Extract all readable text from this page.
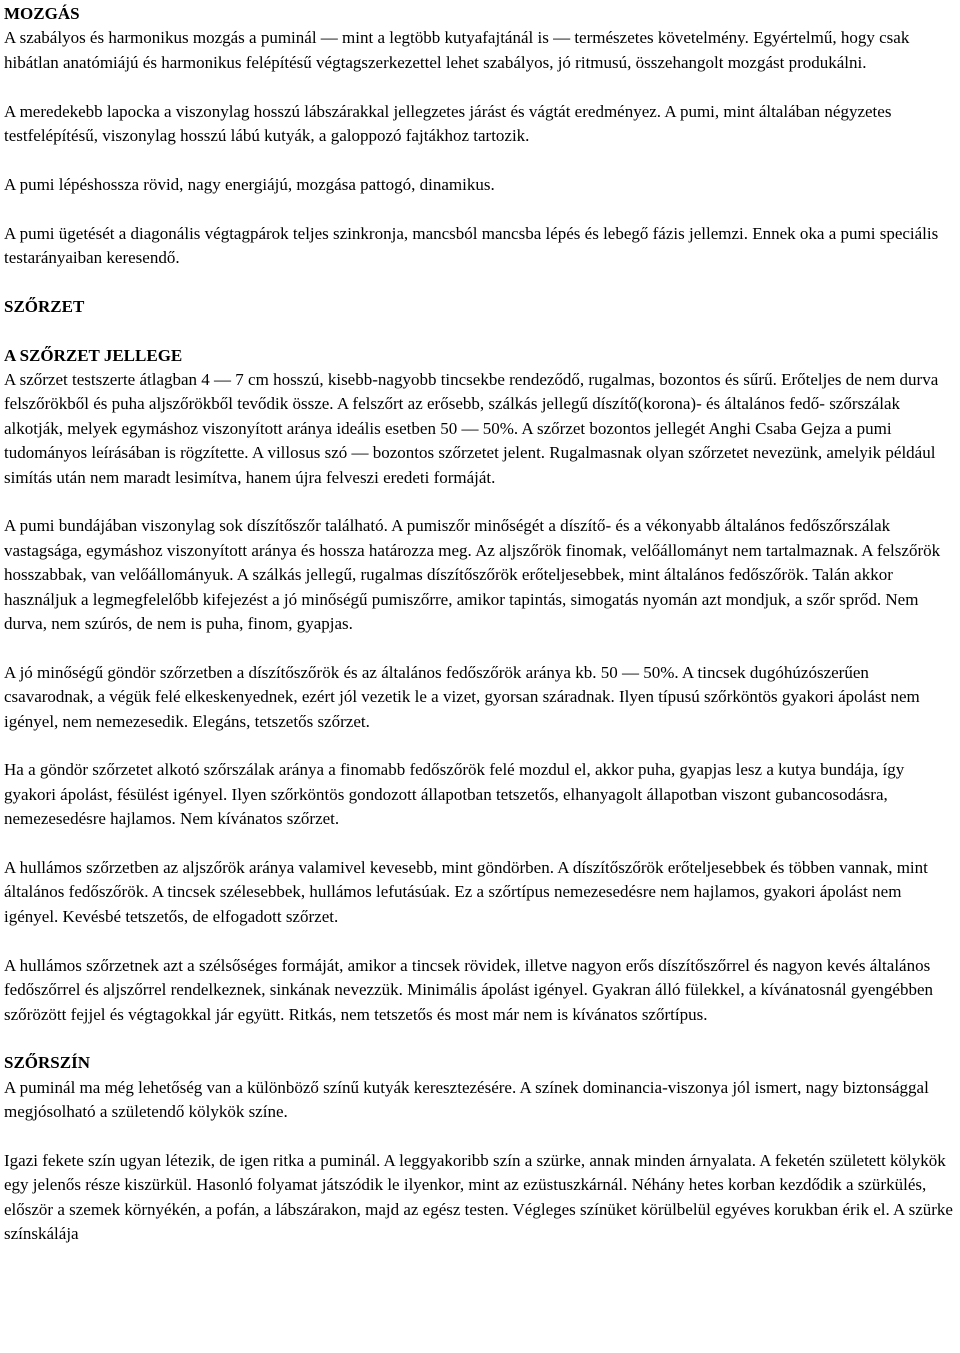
MOZGÁS

A szabályos és harmonikus mozgás a puminál — mint a legtöbb kutyafajtánál is — természetes követelmény. Egyértelmű, hogy csak hibátlan anatómiájú és harmonikus felépítésű végtagszerkezettel lehet szabályos, jó ritmusú, összehangolt mozgást produkálni.

A meredekebb lapocka a viszonylag hosszú lábszárakkal jellegzetes járást és vágtát eredményez. A pumi, mint általában négyzetes testfelépítésű, viszonylag hosszú lábú kutyák, a galoppozó fajtákhoz tartozik.

A pumi lépéshossza rövid, nagy energiájú, mozgása pattogó, dinamikus.

A pumi ügetését a diagonális végtagpárok teljes szinkronja, mancsból mancsba lépés és lebegő fázis jellemzi. Ennek oka a pumi speciális testarányaiban keresendő.

SZŐRZET
A SZŐRZET JELLEGE

A szőrzet testszerte átlagban 4 — 7 cm hosszú, kisebb-nagyobb tincsekbe rendeződő, rugalmas, bozontos és sűrű. Erőteljes de nem durva felszőrökből és puha aljszőrökből tevődik össze. A felszőrt az erősebb, szálkás jellegű díszítő(korona)- és általános fedő- szőrszálak alkotják, melyek egymáshoz viszonyított aránya ideális esetben 50 — 50%. A szőrzet bozontos jellegét Anghi Csaba Gejza a pumi tudományos leírásában is rögzítette. A villosus szó — bozontos szőrzetet jelent. Rugalmasnak olyan szőrzetet nevezünk, amelyik például simítás után nem maradt lesimítva, hanem újra felveszi eredeti formáját.

A pumi bundájában viszonylag sok díszítőszőr található. A pumiszőr minőségét a díszítő- és a vékonyabb általános fedőszőrszálak vastagsága, egymáshoz viszonyított aránya és hossza határozza meg. Az aljszőrök finomak, velőállományt nem tartalmaznak. A felszőrök hosszabbak, van velőállományuk. A szálkás jellegű, rugalmas díszítőszőrök erőteljesebbek, mint általános fedőszőrök. Talán akkor használjuk a legmegfelelőbb kifejezést a jó minőségű pumiszőrre, amikor tapintás, simogatás nyomán azt mondjuk, a szőr sprőd. Nem durva, nem szúrós, de nem is puha, finom, gyapjas.

A jó minőségű göndör szőrzetben a díszítőszőrök és az általános fedőszőrök aránya kb. 50 — 50%. A tincsek dugóhúzószerűen csavarodnak, a végük felé elkeskenyednek, ezért jól vezetik le a vizet, gyorsan száradnak. Ilyen típusú szőrköntös gyakori ápolást nem igényel, nem nemezesedik. Elegáns, tetszetős szőrzet.

Ha a göndör szőrzetet alkotó szőrszálak aránya a finomabb fedőszőrök felé mozdul el, akkor puha, gyapjas lesz a kutya bundája, így gyakori ápolást, fésülést igényel. Ilyen szőrköntös gondozott állapotban tetszetős, elhanyagolt állapotban viszont gubancosodásra, nemezesedésre hajlamos. Nem kívánatos szőrzet.

A hullámos szőrzetben az aljszőrök aránya valamivel kevesebb, mint göndörben. A díszítőszőrök erőteljesebbek és többen vannak, mint általános fedőszőrök. A tincsek szélesebbek, hullámos lefutásúak. Ez a szőrtípus nemezesedésre nem hajlamos, gyakori ápolást nem igényel. Kevésbé tetszetős, de elfogadott szőrzet.

A hullámos szőrzetnek azt a szélsőséges formáját, amikor a tincsek rövidek, illetve nagyon erős díszítőszőrrel és nagyon kevés általános fedőszőrrel és aljszőrrel rendelkeznek, sinkának nevezzük. Minimális ápolást igényel. Gyakran álló fülekkel, a kívánatosnál gyengébben szőrözött fejjel és végtagokkal jár együtt. Ritkás, nem tetszetős és most már nem is kívánatos szőrtípus.

SZŐRSZÍN

A puminál ma még lehetőség van a különböző színű kutyák keresztezésére. A színek dominancia-viszonya jól ismert, nagy biztonsággal megjósolható a születendő kölykök színe.

Igazi fekete szín ugyan létezik, de igen ritka a puminál. A leggyakoribb szín a szürke, annak minden árnyalata. A feketén született kölykök egy jelenős része kiszürkül. Hasonló folyamat játszódik le ilyenkor, mint az ezüstuszkárnál. Néhány hetes korban kezdődik a szürkülés, először a szemek környékén, a pofán, a lábszárakon, majd az egész testen. Végleges színüket körülbelül egyéves korukban érik el. A szürke színskálája
